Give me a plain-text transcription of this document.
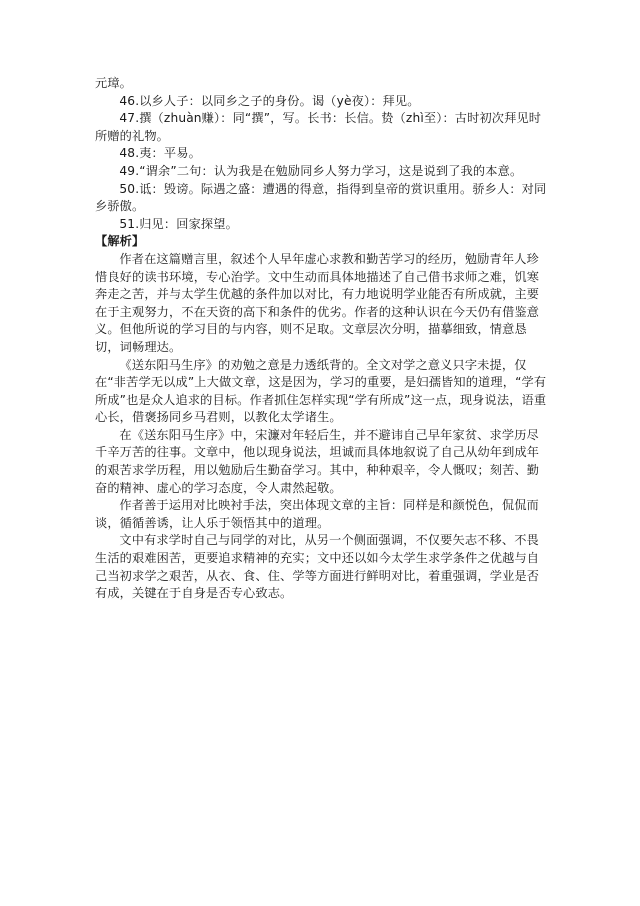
元璋。

46.以乡人子：以同乡之子的身份。谒（yè夜）：拜见。

47.撰（zhuàn赚）：同“撰”，写。长书：长信。贽（zhì至）：古时初次拜见时所赠的礼物。

48.夷：平易。

49.“谓余”二句：认为我是在勉励同乡人努力学习，这是说到了我的本意。

50.诋：毁谤。际遇之盛：遭遇的得意，指得到皇帝的赏识重用。骄乡人：对同乡骄傲。

51.归见：回家探望。

【解析】

作者在这篇赠言里，叙述个人早年虚心求教和勤苦学习的经历，勉励青年人珍惜良好的读书环境，专心治学。文中生动而具体地描述了自己借书求师之难，饥寒奔走之苦，并与太学生优越的条件加以对比，有力地说明学业能否有所成就，主要在于主观努力，不在天资的高下和条件的优劣。作者的这种认识在今天仍有借鉴意义。但他所说的学习目的与内容，则不足取。文章层次分明，描摹细致，情意恳切，词畅理达。

《送东阳马生序》的劝勉之意是力透纸背的。全文对学之意义只字未提，仅在“非苦学无以成”上大做文章，这是因为，学习的重要，是妇孺皆知的道理，“学有所成”也是众人追求的目标。作者抓住怎样实现“学有所成”这一点，现身说法，语重心长，借褒扬同乡马君则，以教化太学诸生。

在《送东阳马生序》中，宋濂对年轻后生，并不避讳自己早年家贫、求学历尽千辛万苦的往事。文章中，他以现身说法，坦诚而具体地叙说了自己从幼年到成年的艰苦求学历程，用以勉励后生勤奋学习。其中，种种艰辛，令人慨叹；刻苦、勤奋的精神、虚心的学习态度，令人肃然起敬。

作者善于运用对比映衬手法，突出体现文章的主旨：同样是和颜悦色，侃侃而谈，循循善诱，让人乐于领悟其中的道理。

文中有求学时自己与同学的对比，从另一个侧面强调，不仅要矢志不移、不畏生活的艰难困苦，更要追求精神的充实；文中还以如今太学生求学条件之优越与自己当初求学之艰苦，从衣、食、住、学等方面进行鲜明对比，着重强调，学业是否有成，关键在于自身是否专心致志。
